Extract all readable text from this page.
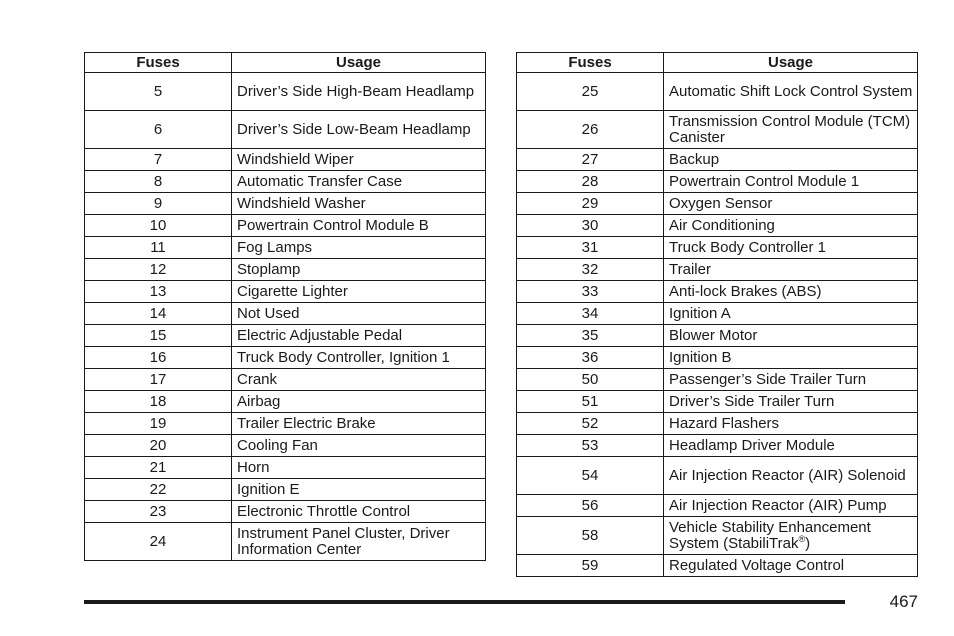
Fuses	Usage
5	Driver’s Side High-Beam Headlamp
6	Driver’s Side Low-Beam Headlamp
7	Windshield Wiper
8	Automatic Transfer Case
9	Windshield Washer
10	Powertrain Control Module B
11	Fog Lamps
12	Stoplamp
13	Cigarette Lighter
14	Not Used
15	Electric Adjustable Pedal
16	Truck Body Controller, Ignition 1
17	Crank
18	Airbag
19	Trailer Electric Brake
20	Cooling Fan
21	Horn
22	Ignition E
23	Electronic Throttle Control
24	Instrument Panel Cluster, Driver Information Center
Fuses	Usage
25	Automatic Shift Lock Control System
26	Transmission Control Module (TCM) Canister
27	Backup
28	Powertrain Control Module 1
29	Oxygen Sensor
30	Air Conditioning
31	Truck Body Controller 1
32	Trailer
33	Anti-lock Brakes (ABS)
34	Ignition A
35	Blower Motor
36	Ignition B
50	Passenger’s Side Trailer Turn
51	Driver’s Side Trailer Turn
52	Hazard Flashers
53	Headlamp Driver Module
54	Air Injection Reactor (AIR) Solenoid
56	Air Injection Reactor (AIR) Pump
58	Vehicle Stability Enhancement System (StabiliTrak®)
59	Regulated Voltage Control
467
